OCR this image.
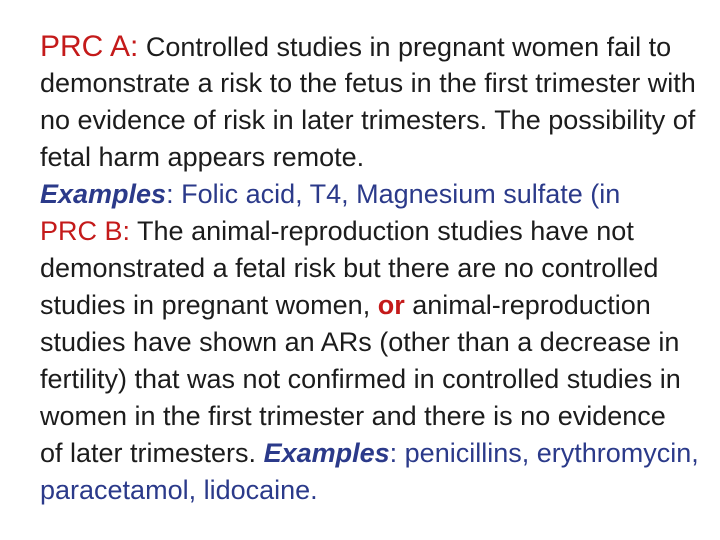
PRC A: Controlled studies in pregnant women fail to
demonstrate a risk to the fetus in the first trimester with
no evidence of risk in later trimesters. The possibility of
fetal harm appears remote.
Examples: Folic acid, T4, Magnesium sulfate (in
PRC B: The animal-reproduction studies have not
demonstrated a fetal risk but there are no controlled
studies in pregnant women, or animal-reproduction
studies have shown an ARs (other than a decrease in
fertility) that was not confirmed in controlled studies in
women in the first trimester and there is no evidence
of later trimesters. Examples: penicillins, erythromycin,
paracetamol, lidocaine.
